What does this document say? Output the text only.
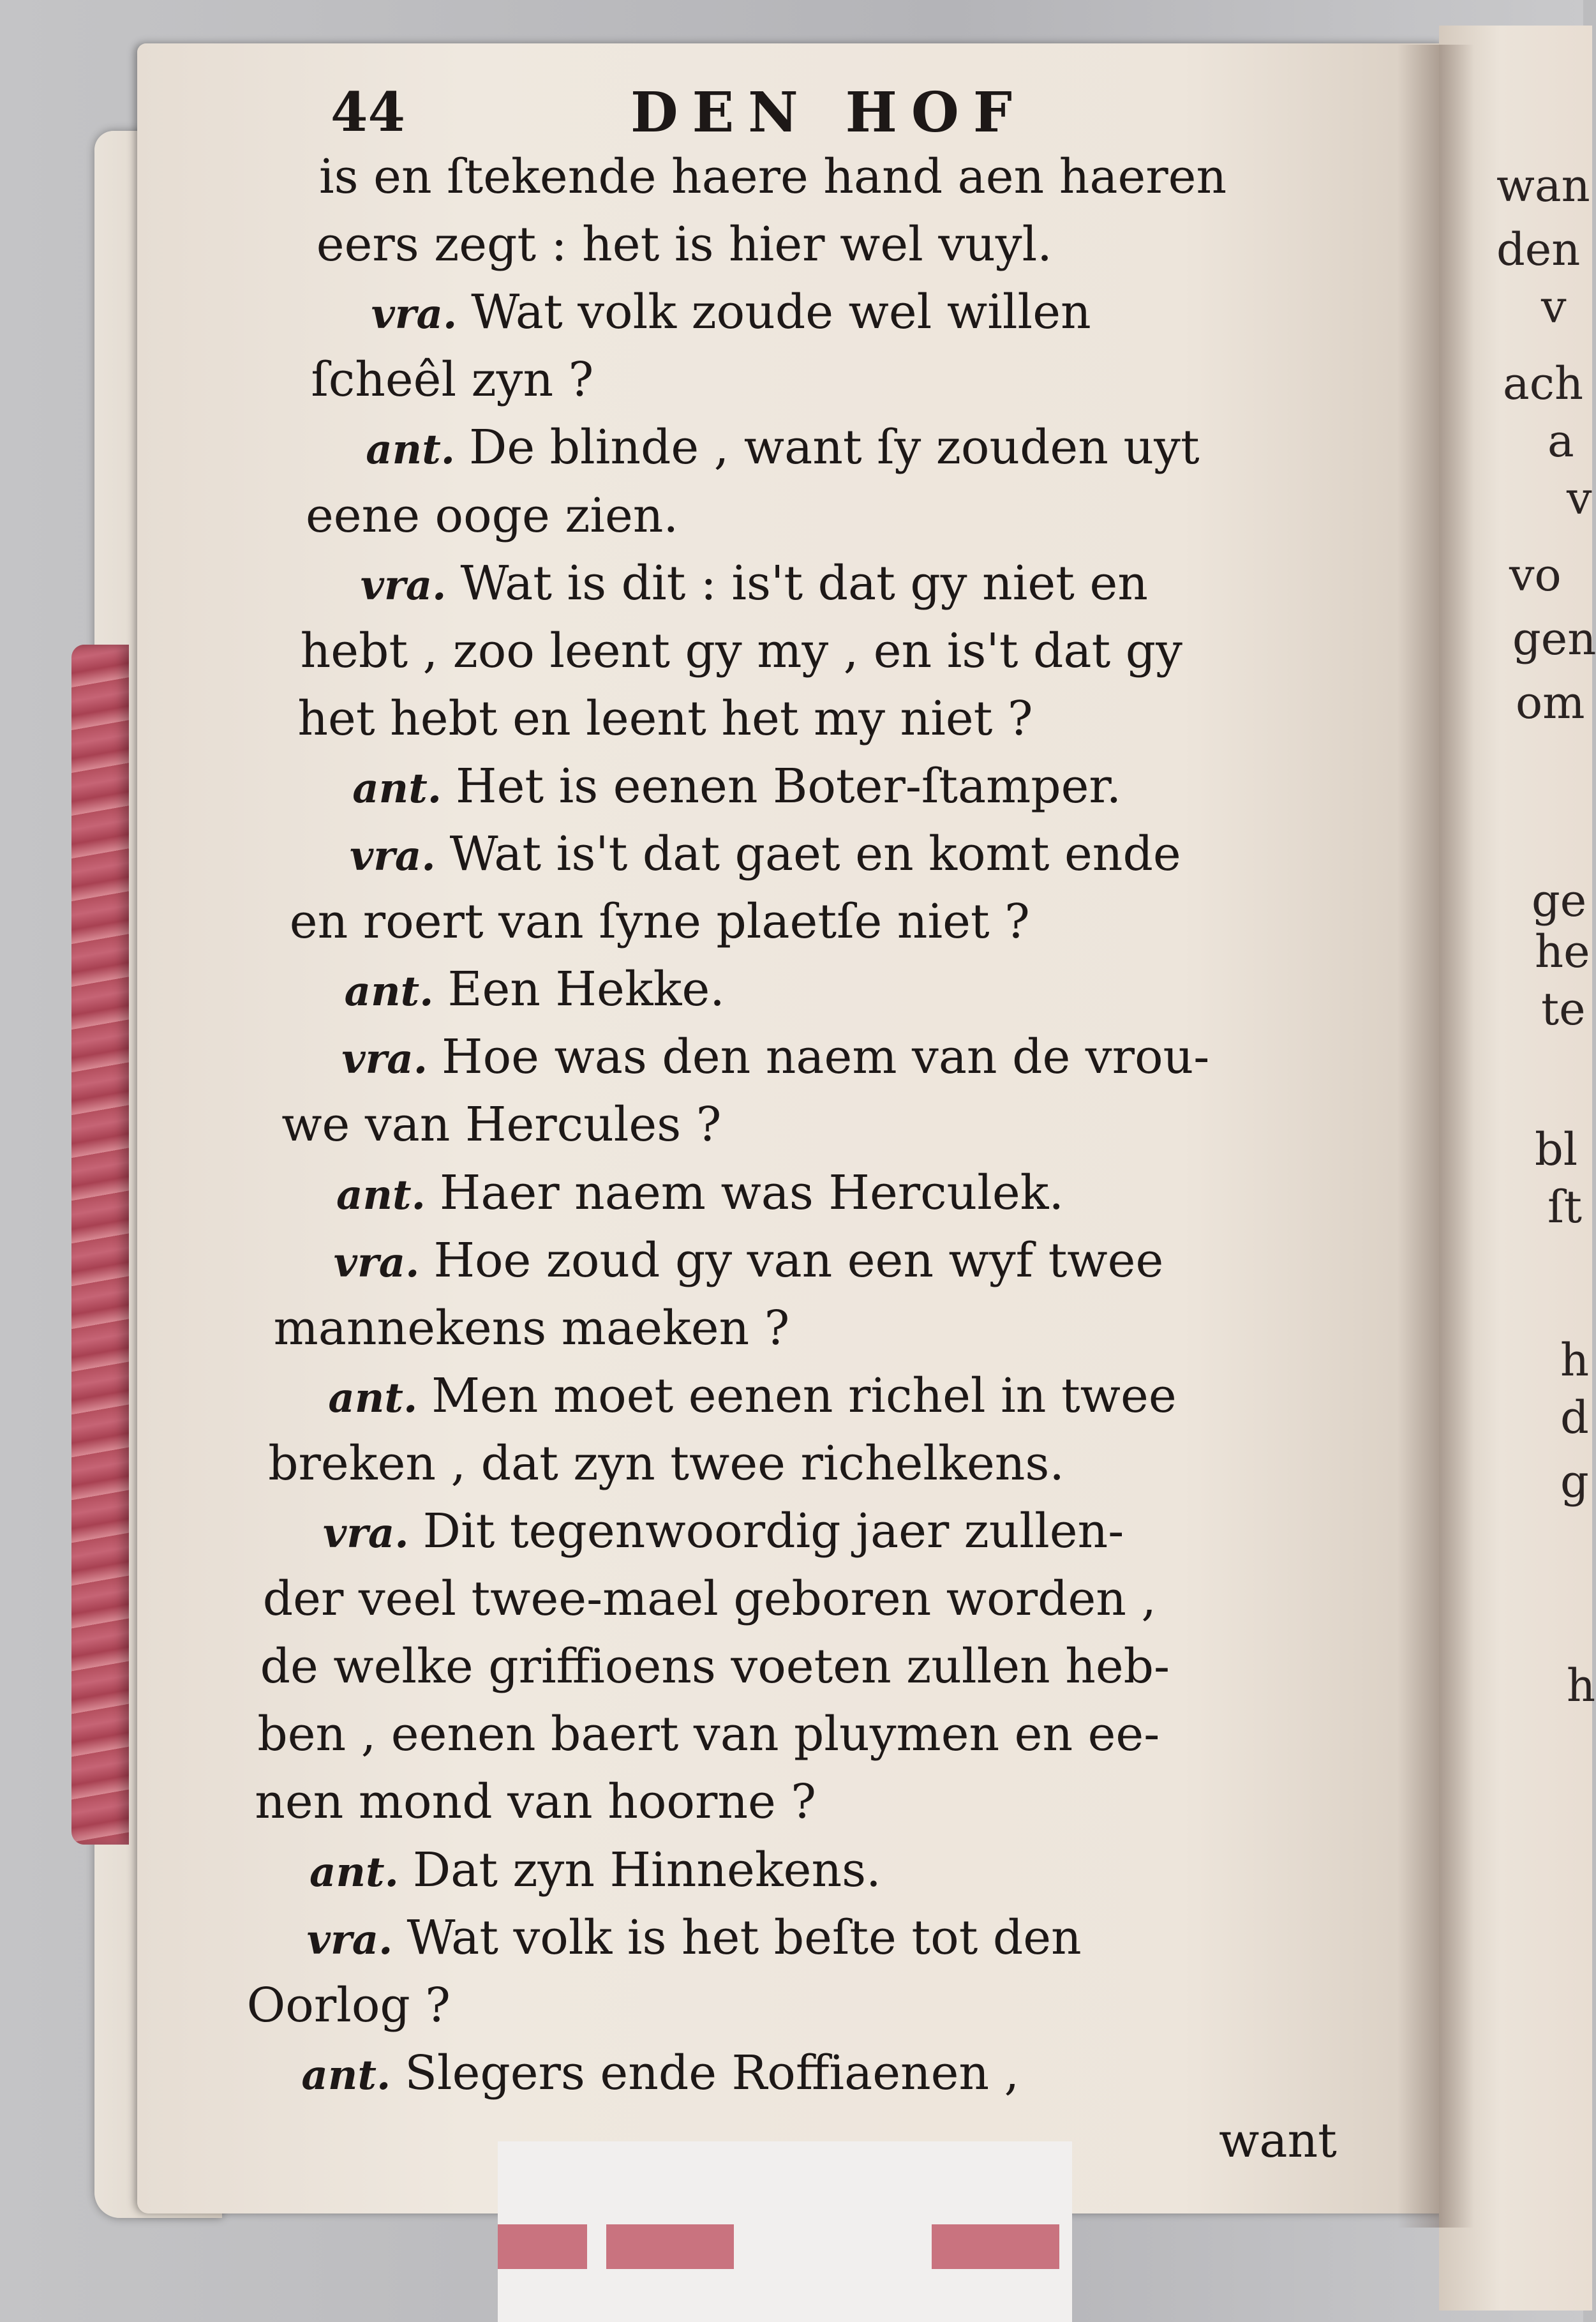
44	DEN HOF
is en ſtekende haere hand aen haeren
eers zegt : het is hier wel vuyl.
vra. Wat volk zoude wel willen
ſcheêl zyn ?
ant. De blinde , want ſy zouden uyt
eene ooge zien.
vra. Wat is dit : is't dat gy niet en
hebt , zoo leent gy my , en is't dat gy
het hebt en leent het my niet ?
ant. Het is eenen Boter-ſtamper.
vra. Wat is't dat gaet en komt ende
en roert van ſyne plaetſe niet ?
ant. Een Hekke.
vra. Hoe was den naem van de vrou-
we van Hercules ?
ant. Haer naem was Herculek.
vra. Hoe zoud gy van een wyf twee
mannekens maeken ?
ant. Men moet eenen richel in twee
breken , dat zyn twee richelkens.
vra. Dit tegenwoordig jaer zullen-
der veel twee-mael geboren worden ,
de welke griffioens voeten zullen heb-
ben , eenen baert van pluymen en ee-
nen mond van hoorne ?
ant. Dat zyn Hinnekens.
vra. Wat volk is het beſte tot den
Oorlog ?
ant. Slegers ende Roffiaenen ,
want
wan
den
v
ach
a
v
vo
gen
om
ge
he
te
bl
ſt
h
d
g
h
